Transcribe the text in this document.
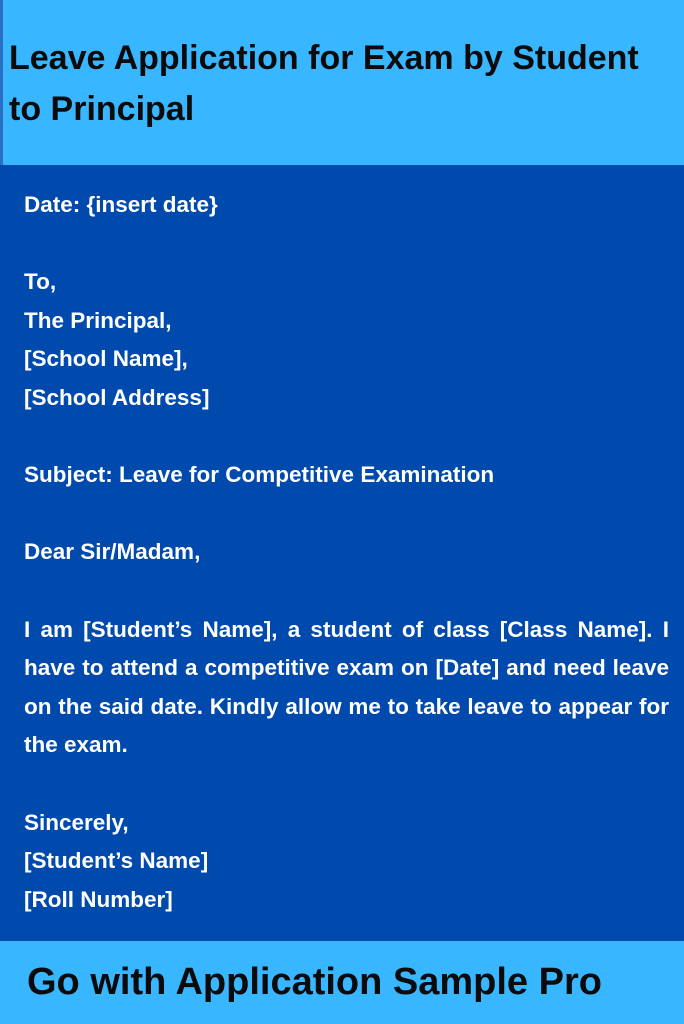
Leave Application for Exam by Student to Principal

Date: {insert date}

To,

The Principal,

[School Name],

[School Address]

Subject: Leave for Competitive Examination

Dear Sir/Madam,

I am [Student’s Name], a student of class [Class Name]. I have to attend a competitive exam on [Date] and need leave on the said date. Kindly allow me to take leave to appear for the exam.

Sincerely,

[Student’s Name]

[Roll Number]

Go with Application Sample Pro
